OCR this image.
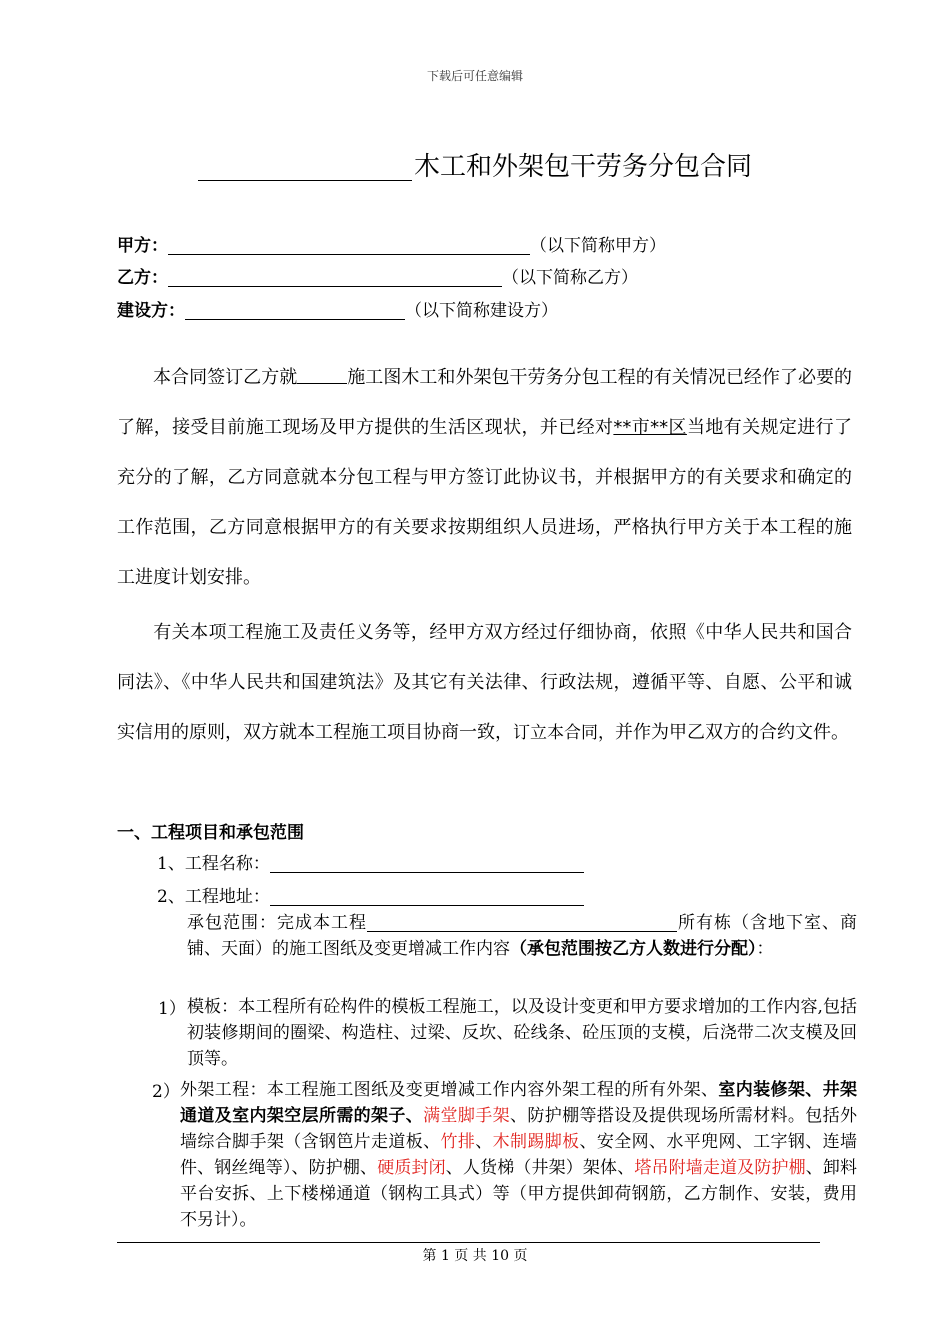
下载后可任意编辑
木工和外架包干劳务分包合同
甲方：	（以下简称甲方）
乙方：	（以下简称乙方）
建设方：	（以下简称建设方）
本合同签订乙方就	施工图木工和外架包干劳务分包工程的有关情况已经作了必要的了解，接受目前施工现场及甲方提供的生活区现状，并已经对**市**区当地有关规定进行了充分的了解，乙方同意就本分包工程与甲方签订此协议书，并根据甲方的有关要求和确定的工作范围，乙方同意根据甲方的有关要求按期组织人员进场，严格执行甲方关于本工程的施工进度计划安排。
有关本项工程施工及责任义务等，经甲方双方经过仔细协商，依照《中华人民共和国合同法》、《中华人民共和国建筑法》及其它有关法律、行政法规，遵循平等、自愿、公平和诚实信用的原则，双方就本工程施工项目协商一致，订立本合同，并作为甲乙双方的合约文件。
一、工程项目和承包范围
1、工程名称：
2、工程地址：
承包范围：完成本工程	所有栋（含地下室、商铺、天面）的施工图纸及变更增减工作内容（承包范围按乙方人数进行分配）：
1） 模板：本工程所有砼构件的模板工程施工，以及设计变更和甲方要求增加的工作内容,包括初装修期间的圈梁、构造柱、过梁、反坎、砼线条、砼压顶的支模，后浇带二次支模及回顶等。
2） 外架工程：本工程施工图纸及变更增减工作内容外架工程的所有外架、室内装修架、井架通道及室内架空层所需的架子、满堂脚手架、防护棚等搭设及提供现场所需材料。包括外墙综合脚手架（含钢笆片走道板、竹排、木制踢脚板、安全网、水平兜网、工字钢、连墙件、钢丝绳等）、防护棚、硬质封闭、人货梯（井架）架体、塔吊附墙走道及防护棚、卸料平台安拆、上下楼梯通道（钢构工具式）等（甲方提供卸荷钢筋，乙方制作、安装，费用不另计）。
第 1 页 共 10 页
